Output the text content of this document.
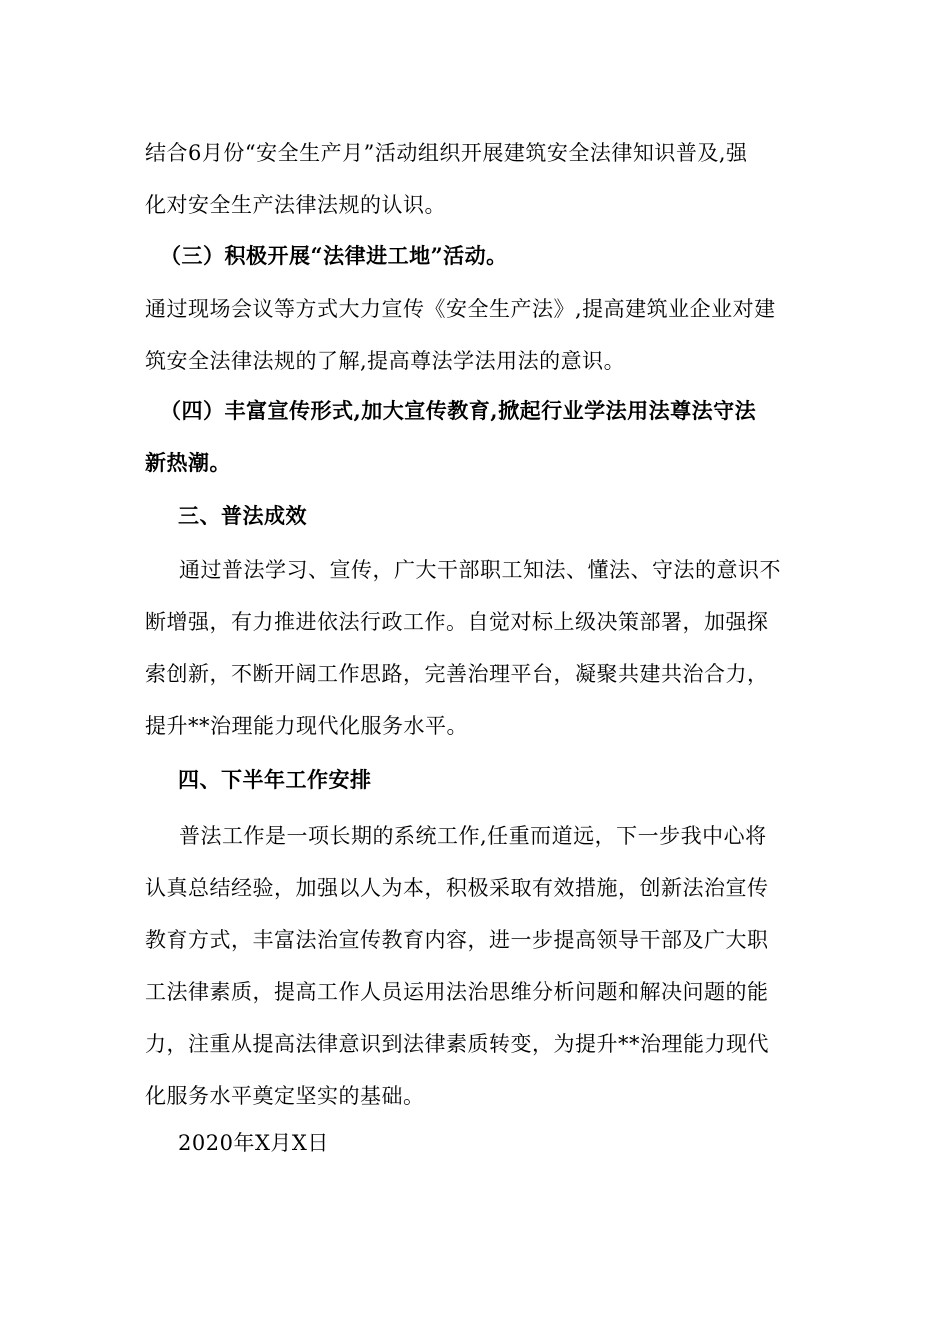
结合6月份“安全生产月”活动组织开展建筑安全法律知识普及,强
化对安全生产法律法规的认识。
（三）积极开展“法律进工地”活动。
通过现场会议等方式大力宣传《安全生产法》,提高建筑业企业对建
筑安全法律法规的了解,提高尊法学法用法的意识。
（四）丰富宣传形式,加大宣传教育,掀起行业学法用法尊法守法
新热潮。
三、普法成效
通过普法学习、宣传，广大干部职工知法、懂法、守法的意识不
断增强，有力推进依法行政工作。自觉对标上级决策部署，加强探
索创新，不断开阔工作思路，完善治理平台，凝聚共建共治合力，
提升**治理能力现代化服务水平。
四、下半年工作安排
普法工作是一项长期的系统工作,任重而道远，下一步我中心将
认真总结经验，加强以人为本，积极采取有效措施，创新法治宣传
教育方式，丰富法治宣传教育内容，进一步提高领导干部及广大职
工法律素质，提高工作人员运用法治思维分析问题和解决问题的能
力，注重从提高法律意识到法律素质转变，为提升**治理能力现代
化服务水平奠定坚实的基础。
2020年X月X日
